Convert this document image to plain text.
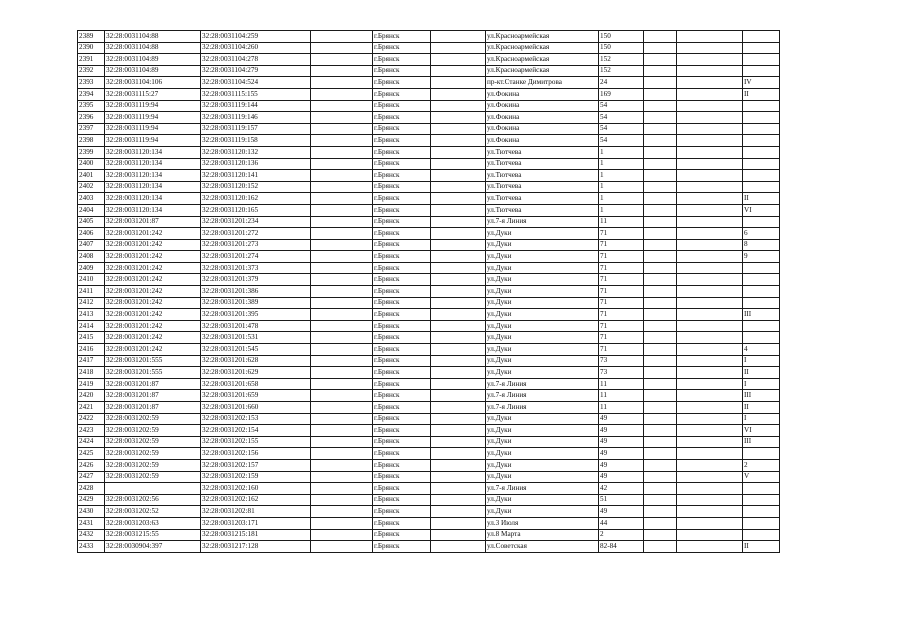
2389	32:28:0031104:88	32:28:0031104:259		г.Брянск		ул.Красноармейская	150			
2390	32:28:0031104:88	32:28:0031104:260		г.Брянск		ул.Красноармейская	150			
2391	32:28:0031104:89	32:28:0031104:278		г.Брянск		ул.Красноармейская	152			
2392	32:28:0031104:89	32:28:0031104:279		г.Брянск		ул.Красноармейская	152			
2393	32:28:0031104:106	32:28:0031104:524		г.Брянск		пр-кт.Станке Димитрова	24			IV
2394	32:28:0031115:27	32:28:0031115:155		г.Брянск		ул.Фокина	169			II
2395	32:28:0031119:94	32:28:0031119:144		г.Брянск		ул.Фокина	54			
2396	32:28:0031119:94	32:28:0031119:146		г.Брянск		ул.Фокина	54			
2397	32:28:0031119:94	32:28:0031119:157		г.Брянск		ул.Фокина	54			
2398	32:28:0031119:94	32:28:0031119:158		г.Брянск		ул.Фокина	54			
2399	32:28:0031120:134	32:28:0031120:132		г.Брянск		ул.Тютчева	1			
2400	32:28:0031120:134	32:28:0031120:136		г.Брянск		ул.Тютчева	1			
2401	32:28:0031120:134	32:28:0031120:141		г.Брянск		ул.Тютчева	1			
2402	32:28:0031120:134	32:28:0031120:152		г.Брянск		ул.Тютчева	1			
2403	32:28:0031120:134	32:28:0031120:162		г.Брянск		ул.Тютчева	1			II
2404	32:28:0031120:134	32:28:0031120:165		г.Брянск		ул.Тютчева	1			VI
2405	32:28:0031201:87	32:28:0031201:234		г.Брянск		ул.7-я Линия	11			
2406	32:28:0031201:242	32:28:0031201:272		г.Брянск		ул.Дуки	71			6
2407	32:28:0031201:242	32:28:0031201:273		г.Брянск		ул.Дуки	71			8
2408	32:28:0031201:242	32:28:0031201:274		г.Брянск		ул.Дуки	71			9
2409	32:28:0031201:242	32:28:0031201:373		г.Брянск		ул.Дуки	71			
2410	32:28:0031201:242	32:28:0031201:379		г.Брянск		ул.Дуки	71			
2411	32:28:0031201:242	32:28:0031201:386		г.Брянск		ул.Дуки	71			
2412	32:28:0031201:242	32:28:0031201:389		г.Брянск		ул.Дуки	71			
2413	32:28:0031201:242	32:28:0031201:395		г.Брянск		ул.Дуки	71			III
2414	32:28:0031201:242	32:28:0031201:478		г.Брянск		ул.Дуки	71			
2415	32:28:0031201:242	32:28:0031201:531		г.Брянск		ул.Дуки	71			
2416	32:28:0031201:242	32:28:0031201:545		г.Брянск		ул.Дуки	71			4
2417	32:28:0031201:555	32:28:0031201:628		г.Брянск		ул.Дуки	73			I
2418	32:28:0031201:555	32:28:0031201:629		г.Брянск		ул.Дуки	73			II
2419	32:28:0031201:87	32:28:0031201:658		г.Брянск		ул.7-я Линия	11			I
2420	32:28:0031201:87	32:28:0031201:659		г.Брянск		ул.7-я Линия	11			III
2421	32:28:0031201:87	32:28:0031201:660		г.Брянск		ул.7-я Линия	11			II
2422	32:28:0031202:59	32:28:0031202:153		г.Брянск		ул.Дуки	49			I
2423	32:28:0031202:59	32:28:0031202:154		г.Брянск		ул.Дуки	49			VI
2424	32:28:0031202:59	32:28:0031202:155		г.Брянск		ул.Дуки	49			III
2425	32:28:0031202:59	32:28:0031202:156		г.Брянск		ул.Дуки	49			
2426	32:28:0031202:59	32:28:0031202:157		г.Брянск		ул.Дуки	49			2
2427	32:28:0031202:59	32:28:0031202:159		г.Брянск		ул.Дуки	49			V
2428		32:28:0031202:160		г.Брянск		ул.7-я Линия	42			
2429	32:28:0031202:56	32:28:0031202:162		г.Брянск		ул.Дуки	51			
2430	32:28:0031202:52	32:28:0031202:81		г.Брянск		ул.Дуки	49			
2431	32:28:0031203:63	32:28:0031203:171		г.Брянск		ул.3 Июля	44			
2432	32:28:0031215:55	32:28:0031215:181		г.Брянск		ул.8 Марта	2			
2433	32:28:0030904:397	32:28:0031217:128		г.Брянск		ул.Советская	82-84			II
